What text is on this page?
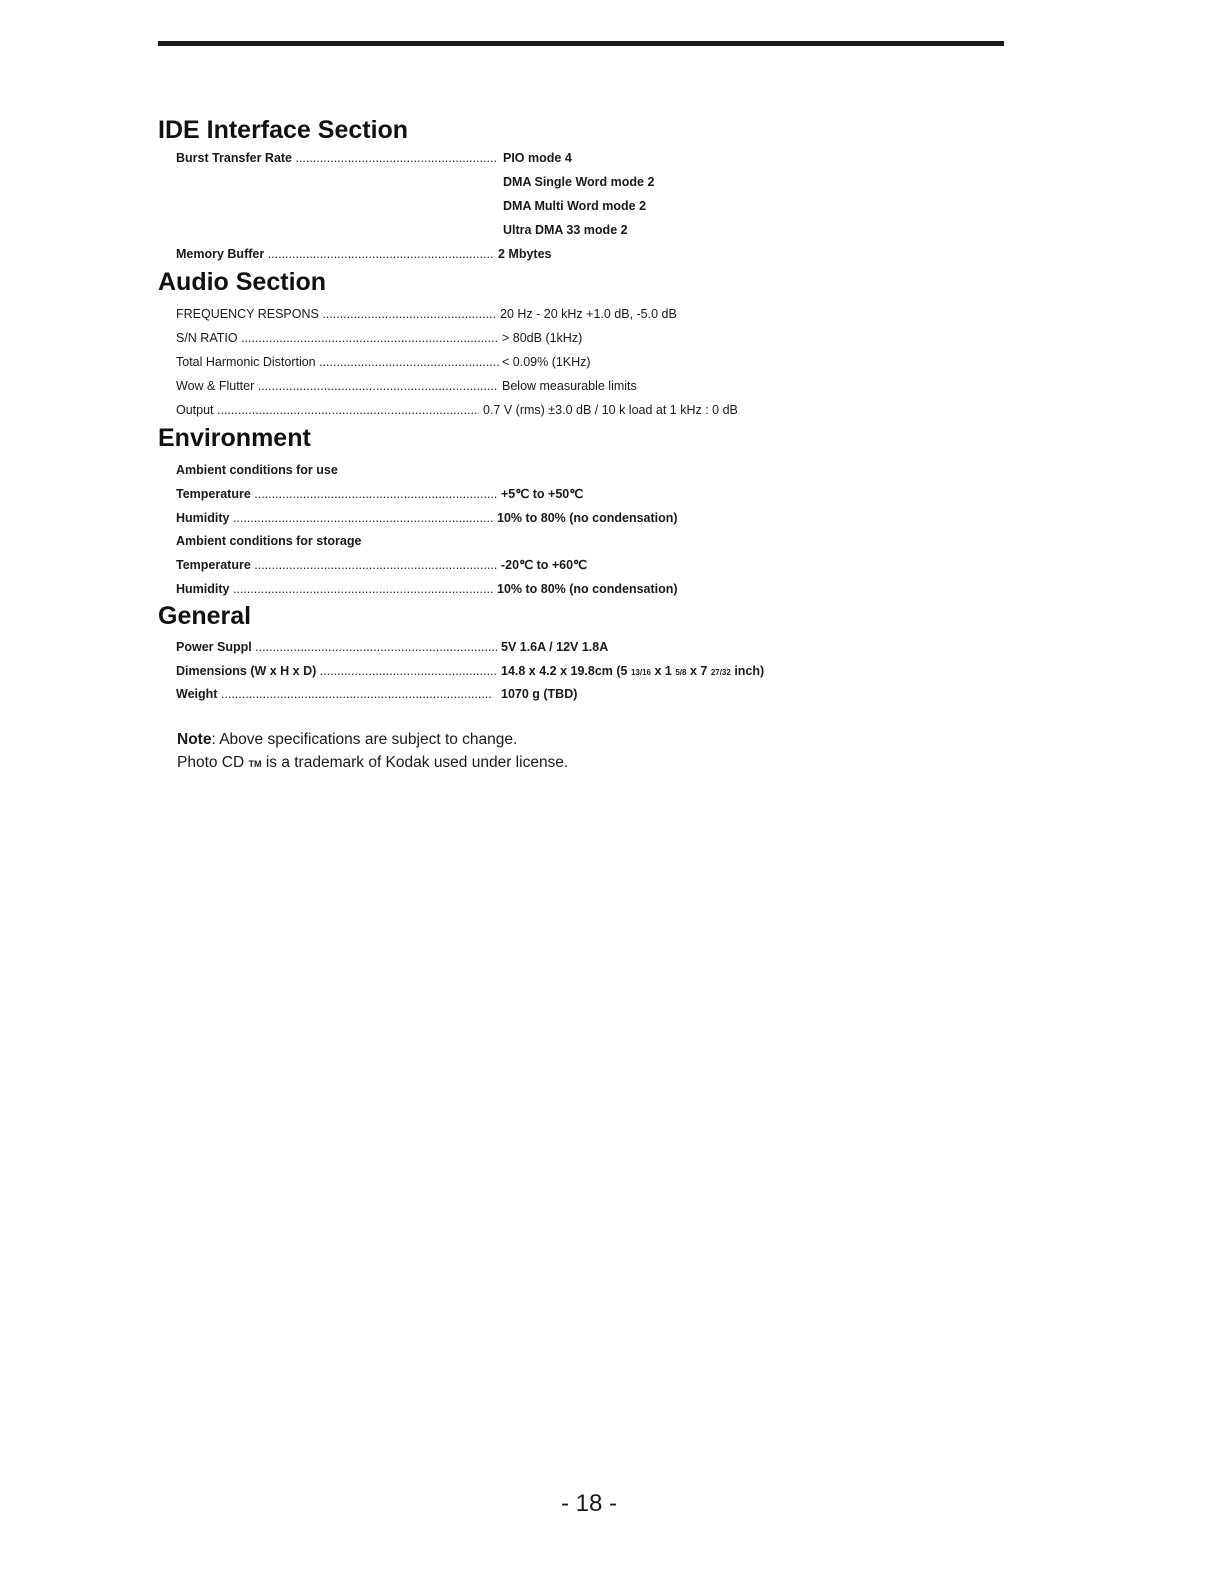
IDE Interface Section
Burst Transfer Rate .....	PIO mode 4
DMA Single Word mode 2
DMA Multi Word mode 2
Ultra DMA 33 mode 2
Memory Buffer .....	2 Mbytes
Audio Section
FREQUENCY RESPONS .....	20 Hz - 20 kHz +1.0 dB, -5.0 dB
S/N RATIO .....	> 80dB (1kHz)
Total Harmonic Distortion .....	< 0.09% (1KHz)
Wow & Flutter .....	Below measurable limits
Output .....	0.7 V (rms) ±3.0 dB / 10 k load at 1 kHz : 0 dB
Environment
Ambient conditions for use
Temperature .....	+5℃ to +50℃
Humidity .....	10% to 80% (no condensation)
Ambient conditions for storage
Temperature .....	-20℃ to +60℃
Humidity .....	10% to 80% (no condensation)
General
Power Suppl .....	5V 1.6A / 12V 1.8A
Dimensions (W x H x D) .....	14.8 x 4.2 x 19.8cm (5 13/16 x 1 5/8 x 7 27/32 inch)
Weight .....	1070 g (TBD)
Note: Above specifications are subject to change.
Photo CD TM is a trademark of Kodak used under license.
- 18 -
